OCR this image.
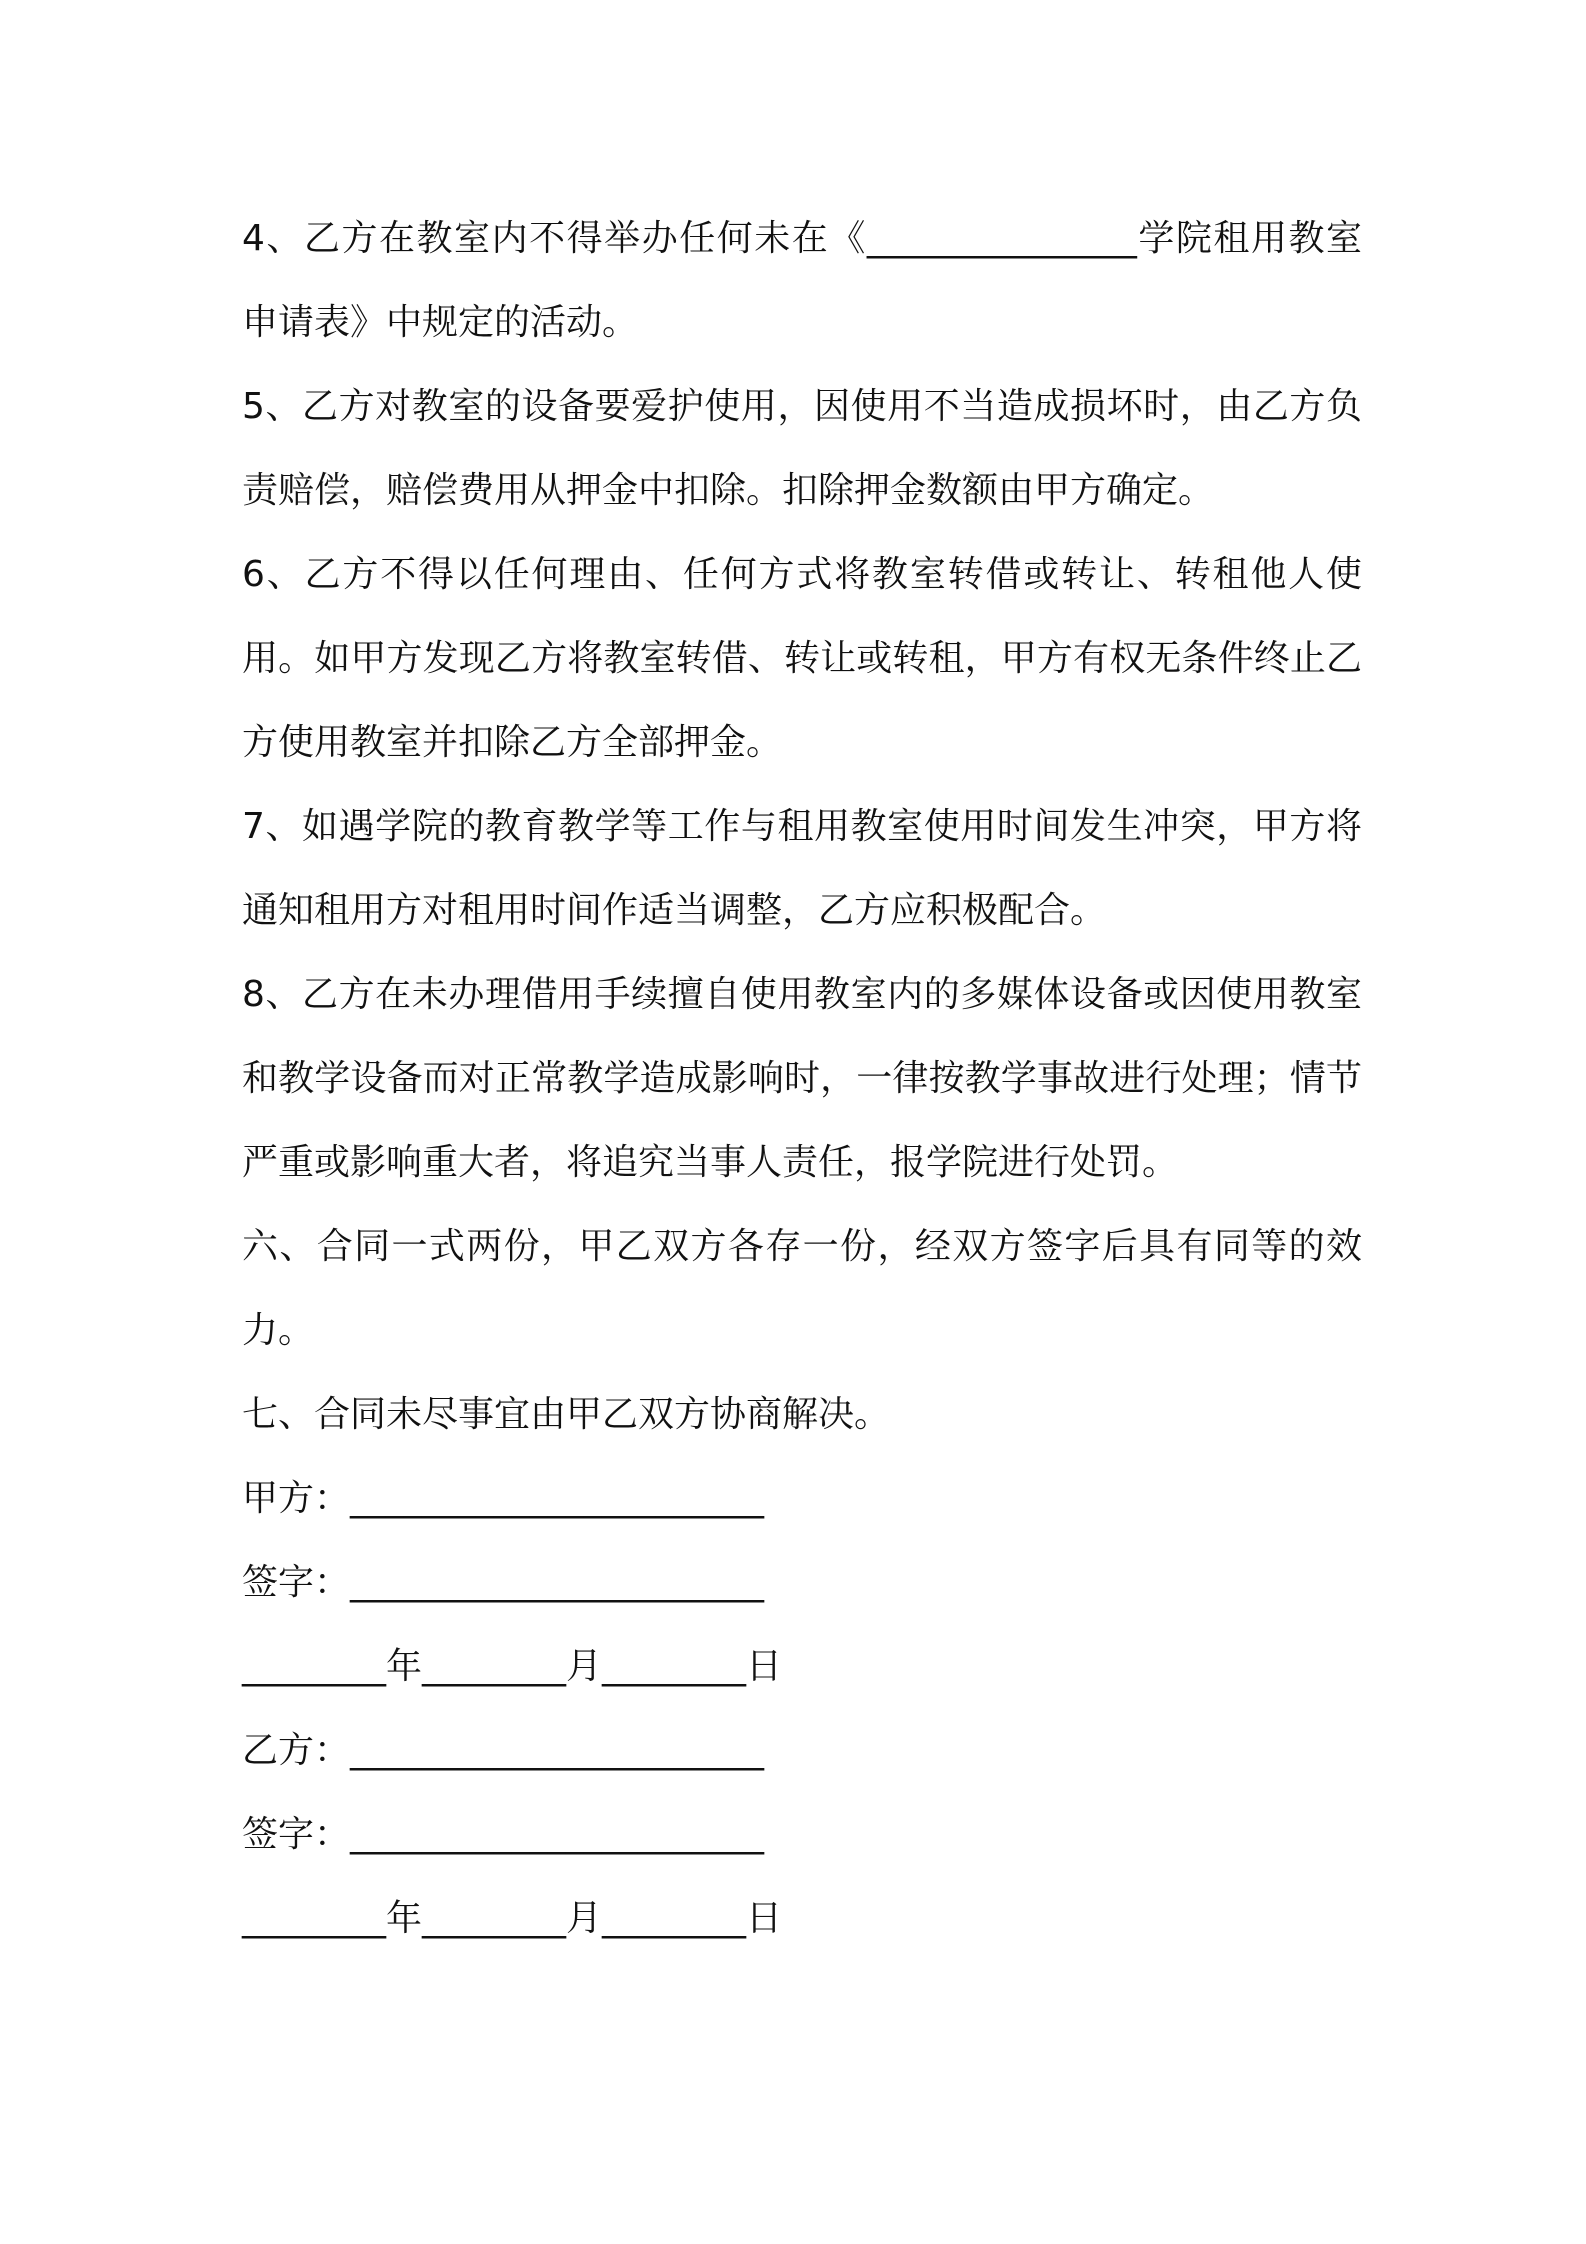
4、乙方在教室内不得举办任何未在《_______________学院租用教室申请表》中规定的活动。

5、乙方对教室的设备要爱护使用，因使用不当造成损坏时，由乙方负责赔偿，赔偿费用从押金中扣除。扣除押金数额由甲方确定。

6、乙方不得以任何理由、任何方式将教室转借或转让、转租他人使用。如甲方发现乙方将教室转借、转让或转租，甲方有权无条件终止乙方使用教室并扣除乙方全部押金。

7、如遇学院的教育教学等工作与租用教室使用时间发生冲突，甲方将通知租用方对租用时间作适当调整，乙方应积极配合。

8、乙方在未办理借用手续擅自使用教室内的多媒体设备或因使用教室和教学设备而对正常教学造成影响时，一律按教学事故进行处理；情节严重或影响重大者，将追究当事人责任，报学院进行处罚。

六、合同一式两份，甲乙双方各存一份，经双方签字后具有同等的效力。

七、合同未尽事宜由甲乙双方协商解决。

甲方：_______________________
签字：_______________________
________年________月________日
乙方：_______________________
签字：_______________________
________年________月________日
